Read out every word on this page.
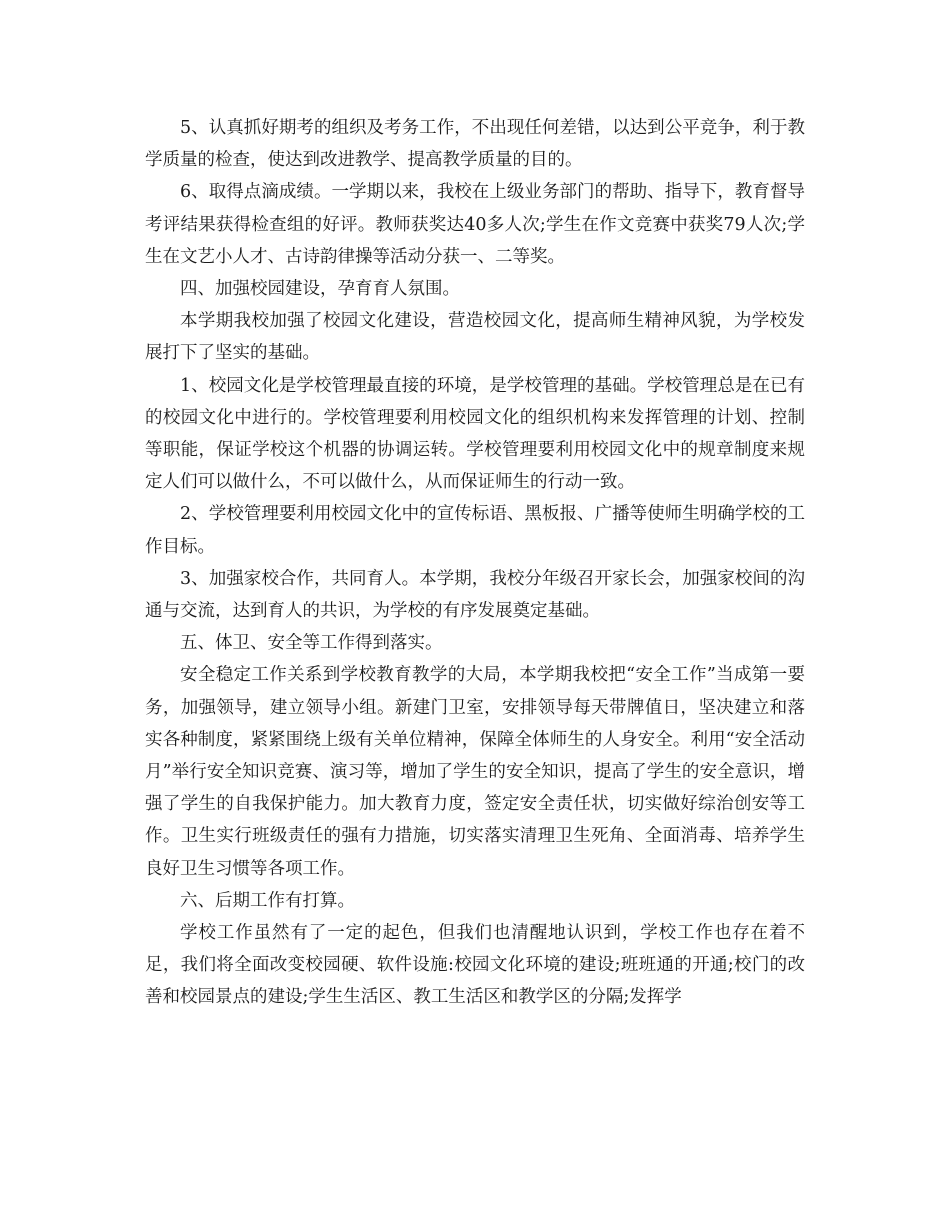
5、认真抓好期考的组织及考务工作，不出现任何差错，以达到公平竞争，利于教学质量的检查，使达到改进教学、提高教学质量的目的。

6、取得点滴成绩。一学期以来，我校在上级业务部门的帮助、指导下，教育督导考评结果获得检查组的好评。教师获奖达40多人次;学生在作文竞赛中获奖79人次;学生在文艺小人才、古诗韵律操等活动分获一、二等奖。

四、加强校园建设，孕育育人氛围。

本学期我校加强了校园文化建设，营造校园文化，提高师生精神风貌，为学校发展打下了坚实的基础。

1、校园文化是学校管理最直接的环境，是学校管理的基础。学校管理总是在已有的校园文化中进行的。学校管理要利用校园文化的组织机构来发挥管理的计划、控制等职能，保证学校这个机器的协调运转。学校管理要利用校园文化中的规章制度来规定人们可以做什么，不可以做什么，从而保证师生的行动一致。

2、学校管理要利用校园文化中的宣传标语、黑板报、广播等使师生明确学校的工作目标。

3、加强家校合作，共同育人。本学期，我校分年级召开家长会，加强家校间的沟通与交流，达到育人的共识，为学校的有序发展奠定基础。

五、体卫、安全等工作得到落实。

安全稳定工作关系到学校教育教学的大局，本学期我校把“安全工作”当成第一要务，加强领导，建立领导小组。新建门卫室，安排领导每天带牌值日，坚决建立和落实各种制度，紧紧围绕上级有关单位精神，保障全体师生的人身安全。利用“安全活动月”举行安全知识竞赛、演习等，增加了学生的安全知识，提高了学生的安全意识，增强了学生的自我保护能力。加大教育力度，签定安全责任状，切实做好综治创安等工作。卫生实行班级责任的强有力措施，切实落实清理卫生死角、全面消毒、培养学生良好卫生习惯等各项工作。

六、后期工作有打算。

学校工作虽然有了一定的起色，但我们也清醒地认识到，学校工作也存在着不足，我们将全面改变校园硬、软件设施:校园文化环境的建设;班班通的开通;校门的改善和校园景点的建设;学生生活区、教工生活区和教学区的分隔;发挥学
